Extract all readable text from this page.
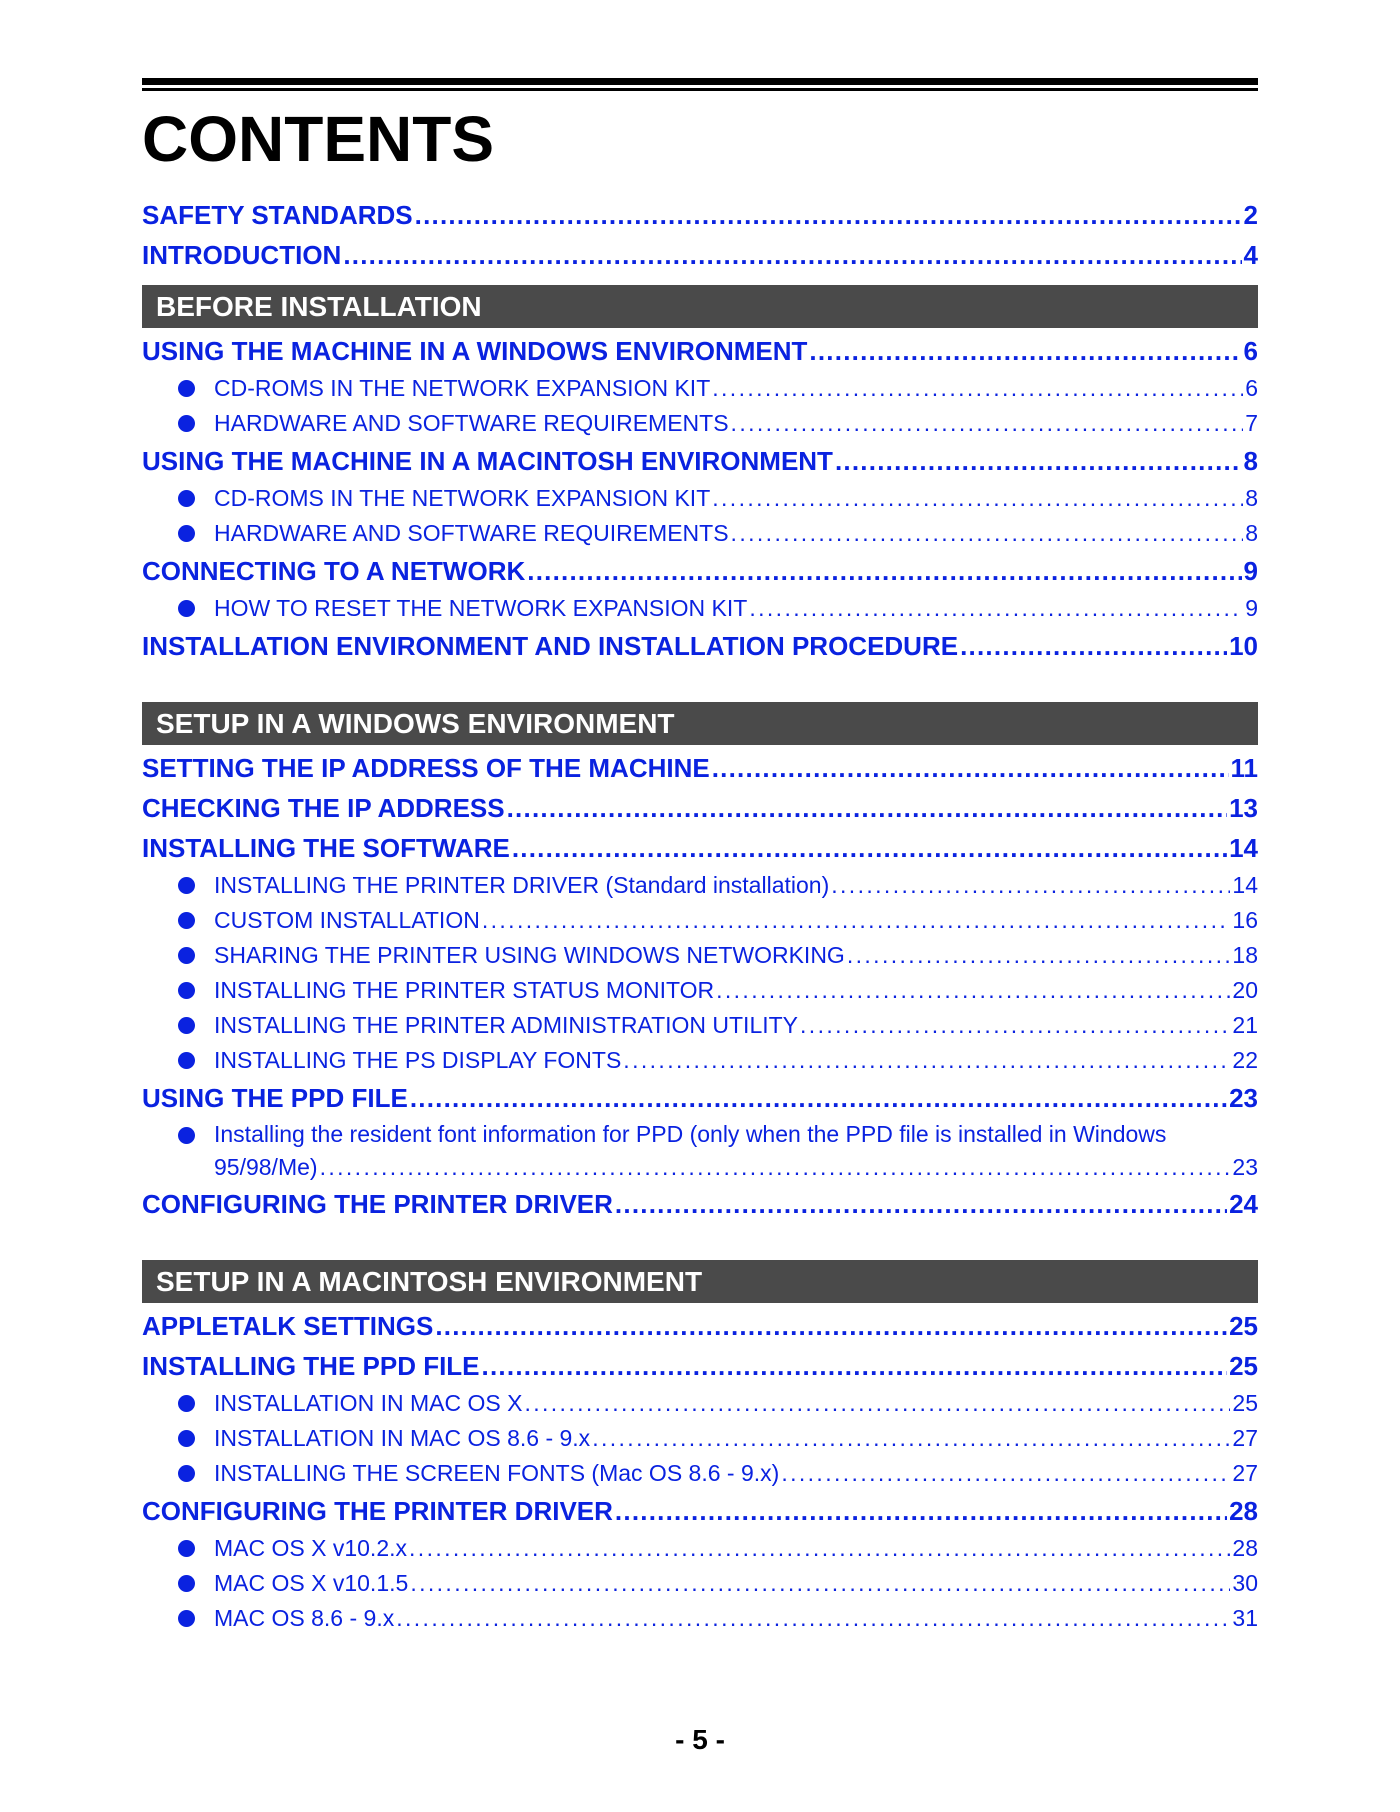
CONTENTS
SAFETY STANDARDS . . .	2
INTRODUCTION . . .	4
BEFORE INSTALLATION
USING THE MACHINE IN A WINDOWS ENVIRONMENT . . .	6
CD-ROMS IN THE NETWORK EXPANSION KIT . . .	6
HARDWARE AND SOFTWARE REQUIREMENTS . . .	7
USING THE MACHINE IN A MACINTOSH ENVIRONMENT . . .	8
CD-ROMS IN THE NETWORK EXPANSION KIT . . .	8
HARDWARE AND SOFTWARE REQUIREMENTS . . .	8
CONNECTING TO A NETWORK . . .	9
HOW TO RESET THE NETWORK EXPANSION KIT . . .	9
INSTALLATION ENVIRONMENT AND INSTALLATION PROCEDURE . . .	10
SETUP IN A WINDOWS ENVIRONMENT
SETTING THE IP ADDRESS OF THE MACHINE . . .	11
CHECKING THE IP ADDRESS . . .	13
INSTALLING THE SOFTWARE . . .	14
INSTALLING THE PRINTER DRIVER (Standard installation) . . .	14
CUSTOM INSTALLATION . . .	16
SHARING THE PRINTER USING WINDOWS NETWORKING . . .	18
INSTALLING THE PRINTER STATUS MONITOR . . .	20
INSTALLING THE PRINTER ADMINISTRATION UTILITY . . .	21
INSTALLING THE PS DISPLAY FONTS . . .	22
USING THE PPD FILE . . .	23
Installing the resident font information for PPD (only when the PPD file is installed in Windows
95/98/Me) . . .	23
CONFIGURING THE PRINTER DRIVER . . .	24
SETUP IN A MACINTOSH ENVIRONMENT
APPLETALK SETTINGS . . .	25
INSTALLING THE PPD FILE . . .	25
INSTALLATION IN MAC OS X . . .	25
INSTALLATION IN MAC OS 8.6 - 9.x . . .	27
INSTALLING THE SCREEN FONTS (Mac OS 8.6 - 9.x) . . .	27
CONFIGURING THE PRINTER DRIVER . . .	28
MAC OS X v10.2.x . . .	28
MAC OS X v10.1.5 . . .	30
MAC OS 8.6 - 9.x . . .	31
- 5 -
